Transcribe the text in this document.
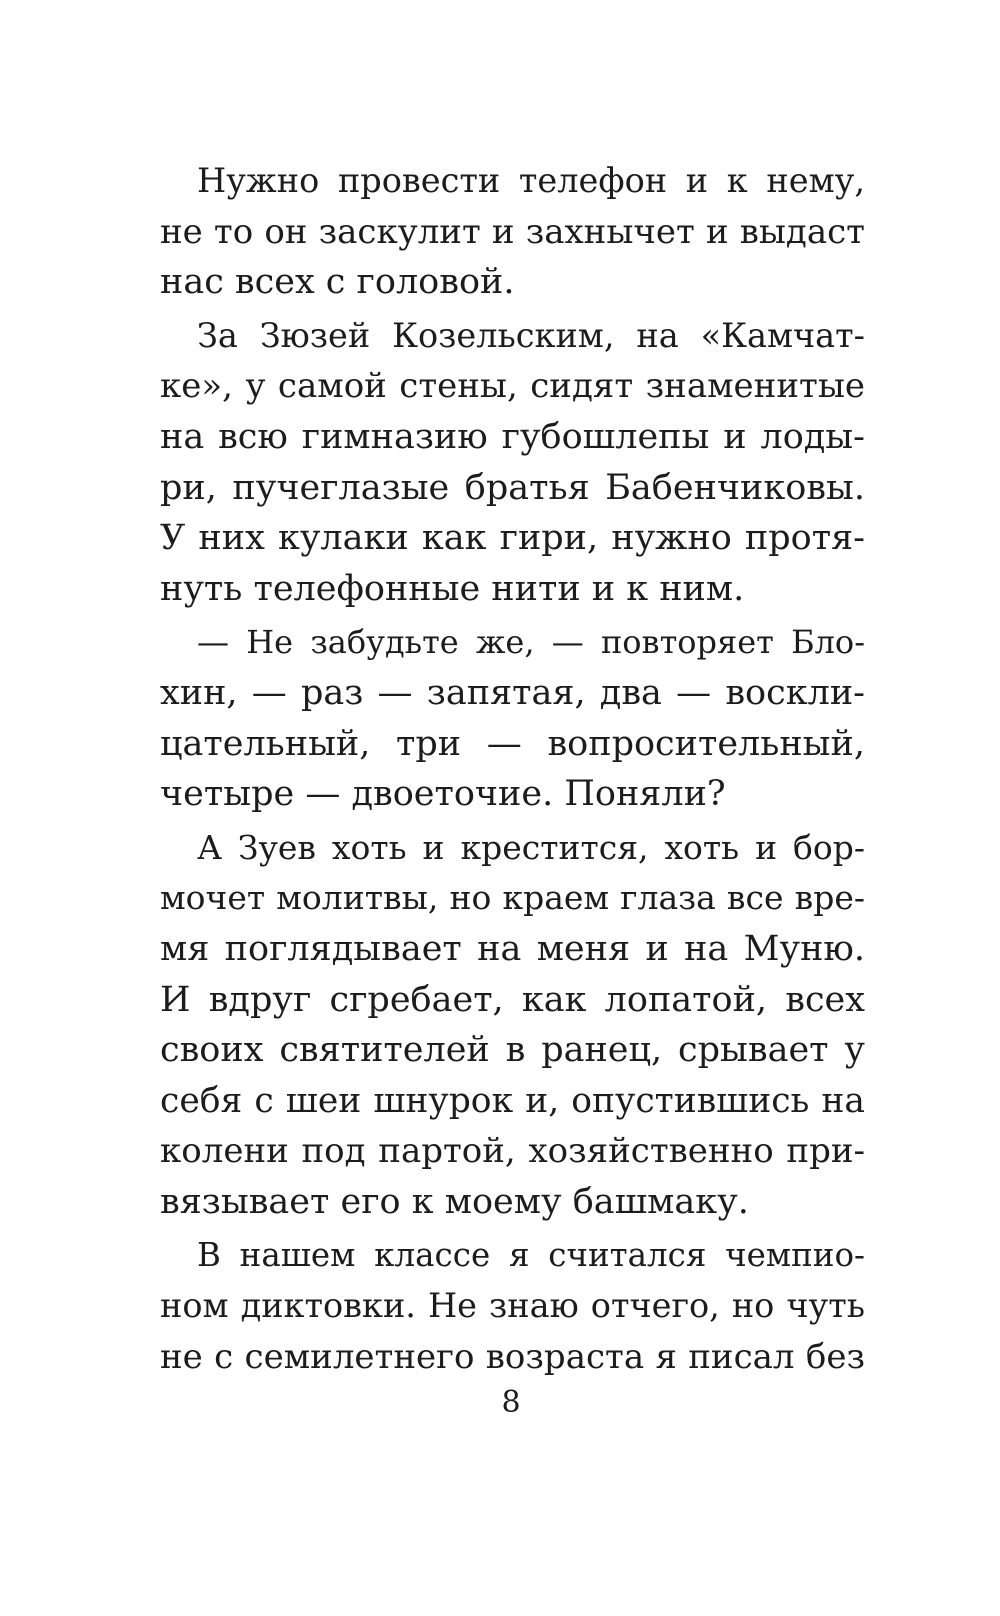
Нужно провести телефон и к нему,
не то он заскулит и захнычет и выдаст
нас всех с головой.
За Зюзей Козельским, на «Камчат-
ке», у самой стены, сидят знаменитые
на всю гимназию губошлепы и лоды-
ри, пучеглазые братья Бабенчиковы.
У них кулаки как гири, нужно протя-
нуть телефонные нити и к ним.
— Не забудьте же, — повторяет Бло-
хин, — раз — запятая, два — воскли-
цательный, три — вопросительный,
четыре — двоеточие. Поняли?
А Зуев хоть и крестится, хоть и бор-
мочет молитвы, но краем глаза все вре-
мя поглядывает на меня и на Муню.
И вдруг сгребает, как лопатой, всех
своих святителей в ранец, срывает у
себя с шеи шнурок и, опустившись на
колени под партой, хозяйственно при-
вязывает его к моему башмаку.
В нашем классе я считался чемпио-
ном диктовки. Не знаю отчего, но чуть
не с семилетнего возраста я писал без
8
